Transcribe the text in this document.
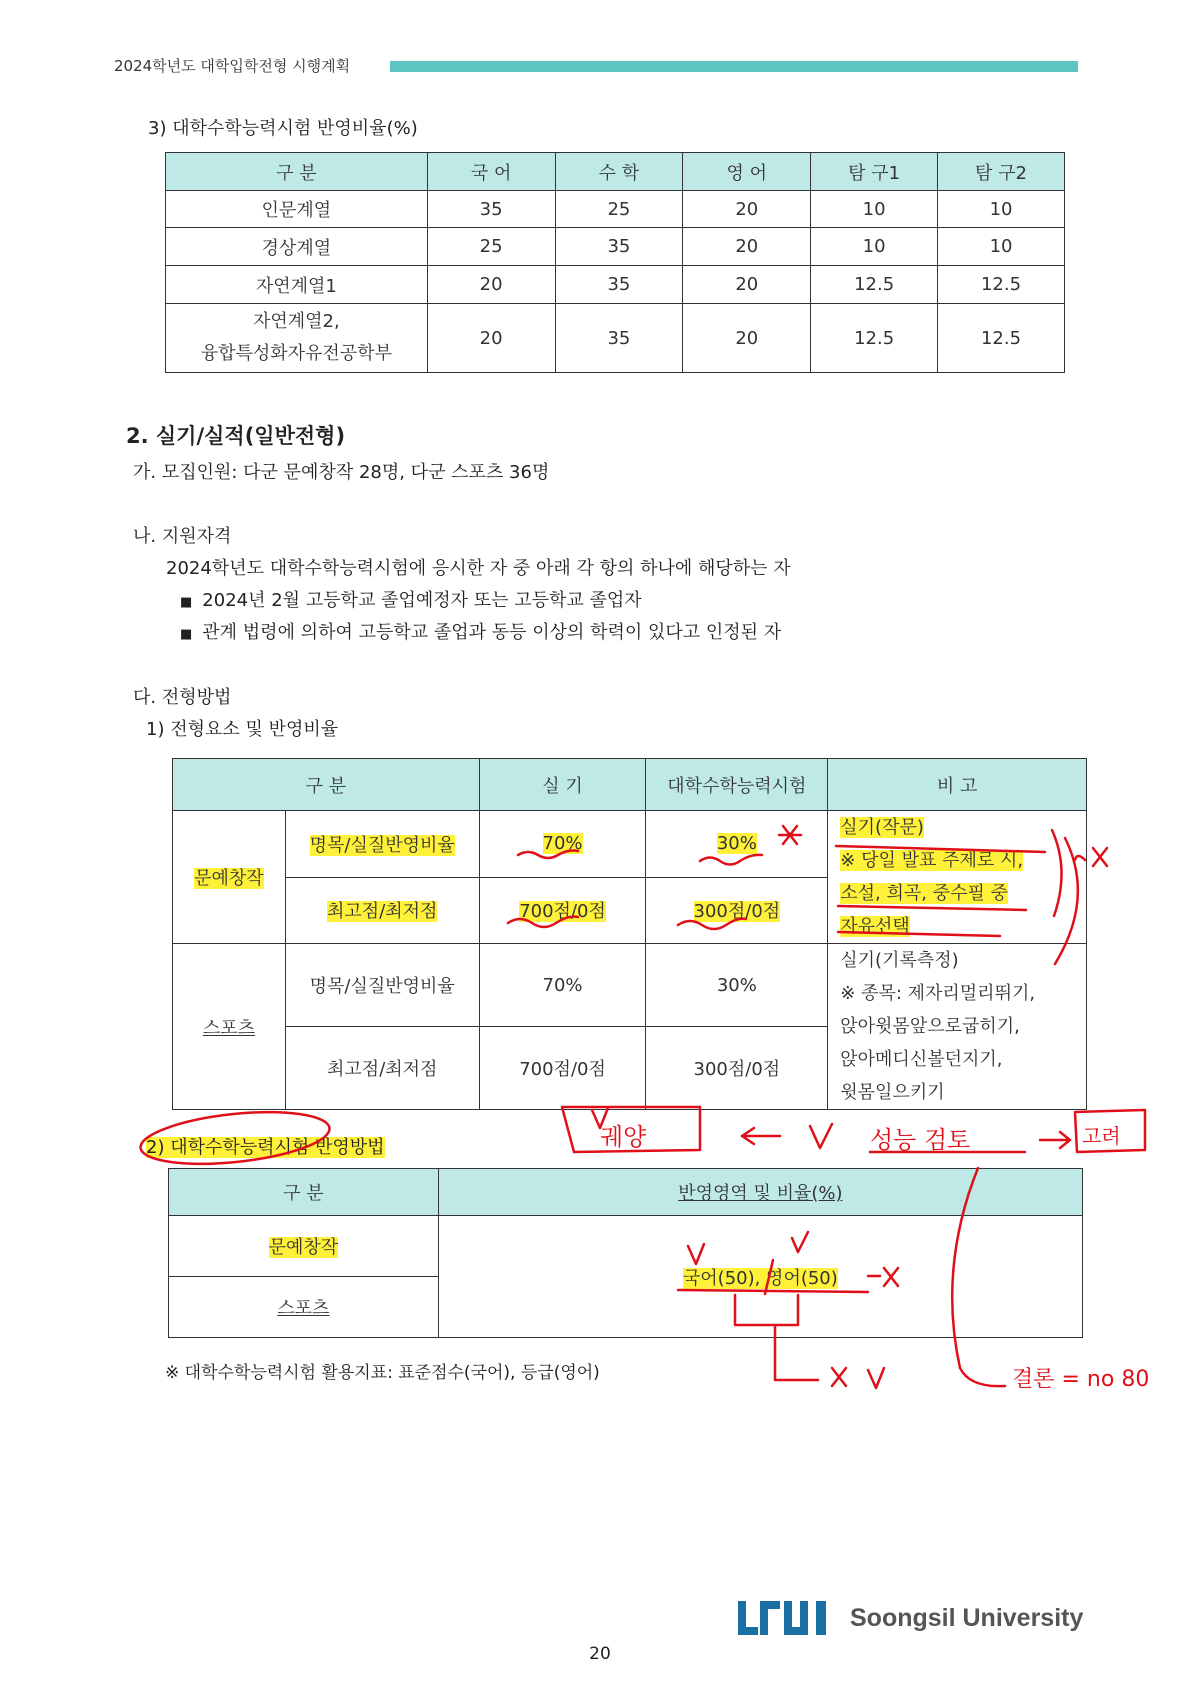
2024학년도 대학입학전형 시행계획
3) 대학수학능력시험 반영비율(%)
구 분	국 어	수 학	영 어	탐 구1	탐 구2
인문계열	35	25	20	10	10
경상계열	25	35	20	10	10
자연계열1	20	35	20	12.5	12.5

자연계열2,
융합특성화자유전공학부	20	35	20	12.5	12.5
2. 실기/실적(일반전형)
가. 모집인원: 다군 문예창작 28명, 다군 스포츠 36명
나. 지원자격
2024학년도 대학수학능력시험에 응시한 자 중 아래 각 항의 하나에 해당하는 자
■ 2024년 2월 고등학교 졸업예정자 또는 고등학교 졸업자
■ 관계 법령에 의하여 고등학교 졸업과 동등 이상의 학력이 있다고 인정된 자
다. 전형방법
1) 전형요소 및 반영비율
구 분		실 기	대학수학능력시험	비 고
문예창작	명목/실질반영비율	70%	30%	실기(작문)
※ 당일 발표 주제로 시,
소설, 희곡, 중수필 중
자유선택

	최고점/최저점	700점/0점	300점/0점	
스포츠	명목/실질반영비율	70%	30%	실기(기록측정)
※ 종목: 제자리멀리뛰기,
앉아윗몸앞으로굽히기,
앉아메디신볼던지기,
윗몸일으키기

	최고점/최저점	700점/0점	300점/0점	
2) 대학수학능력시험 반영방법
구 분	반영영역 및 비율(%)
문예창작	국어(50), 영어(50)
스포츠	
※ 대학수학능력시험 활용지표: 표준점수(국어), 등급(영어)
궤양	성능 검토	고려
결론 = no 80
Soongsil University
20
